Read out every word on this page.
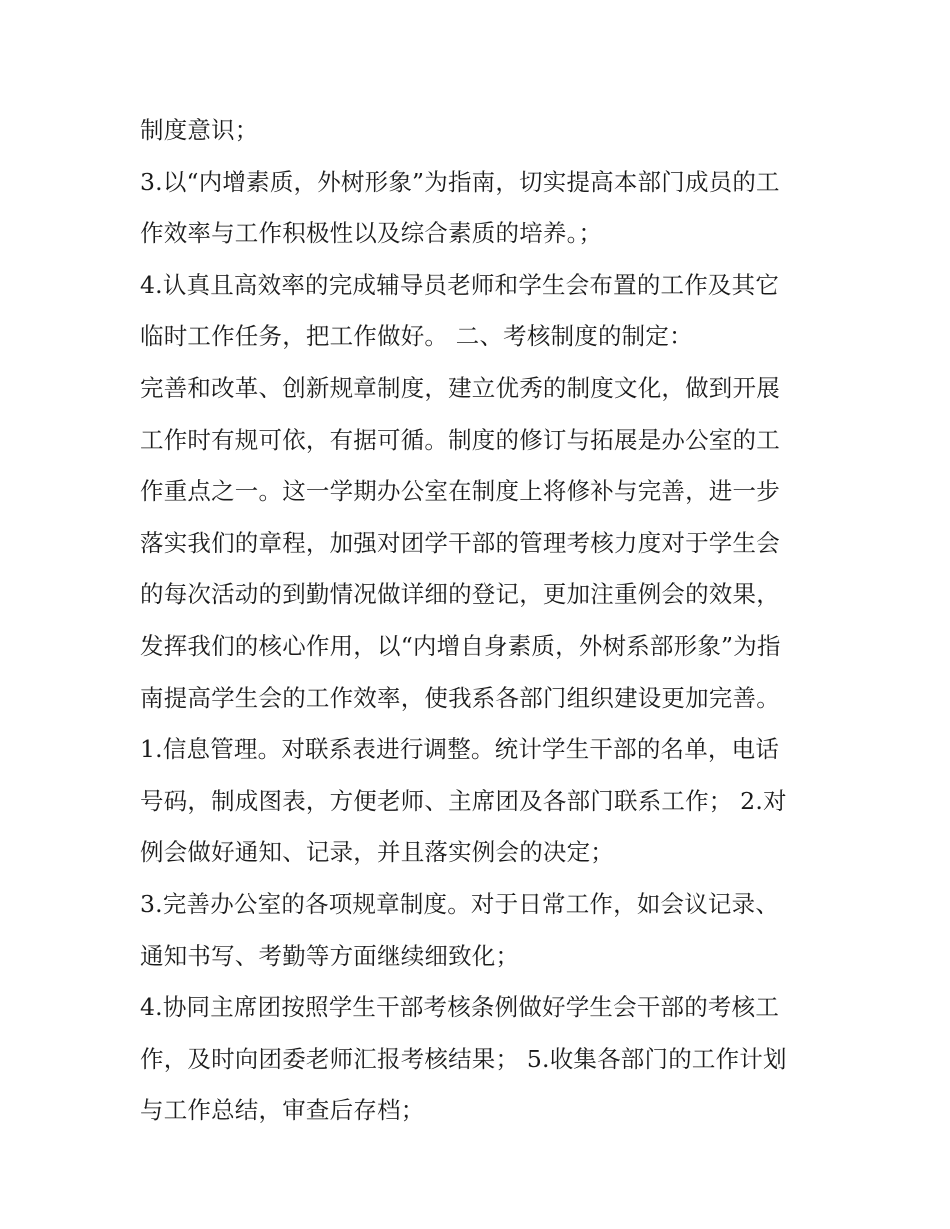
制度意识；
3.以“内增素质，外树形象”为指南，切实提高本部门成员的工
作效率与工作积极性以及综合素质的培养。；
4.认真且高效率的完成辅导员老师和学生会布置的工作及其它
临时工作任务，把工作做好。 二、考核制度的制定：
完善和改革、创新规章制度，建立优秀的制度文化，做到开展
工作时有规可依，有据可循。制度的修订与拓展是办公室的工
作重点之一。这一学期办公室在制度上将修补与完善，进一步
落实我们的章程，加强对团学干部的管理考核力度对于学生会
的每次活动的到勤情况做详细的登记，更加注重例会的效果，
发挥我们的核心作用，以“内增自身素质，外树系部形象”为指
南提高学生会的工作效率，使我系各部门组织建设更加完善。
1.信息管理。对联系表进行调整。统计学生干部的名单，电话
号码，制成图表，方便老师、主席团及各部门联系工作； 2.对
例会做好通知、记录，并且落实例会的决定；
3.完善办公室的各项规章制度。对于日常工作，如会议记录、
通知书写、考勤等方面继续细致化；
4.协同主席团按照学生干部考核条例做好学生会干部的考核工
作，及时向团委老师汇报考核结果； 5.收集各部门的工作计划
与工作总结，审查后存档；
